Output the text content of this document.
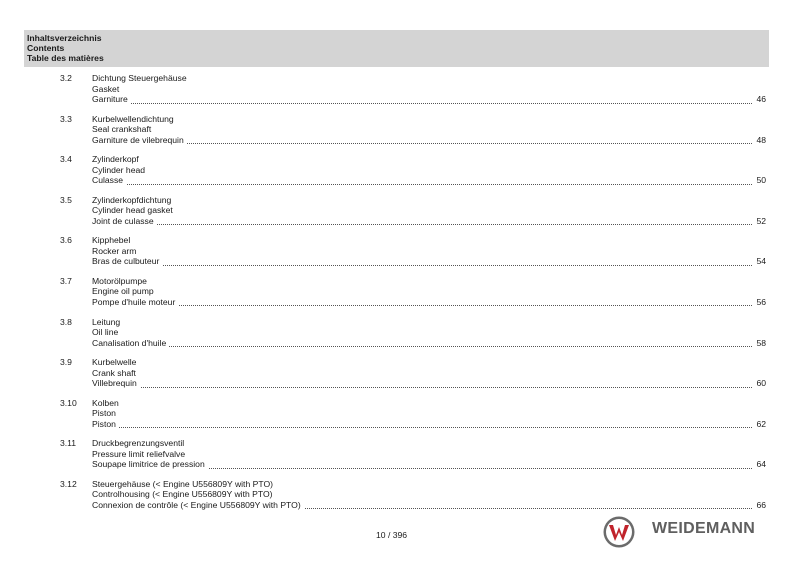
Inhaltsverzeichnis
Contents
Table des matières
3.2 Dichtung Steuergehäuse
Gasket
Garniture	46
3.3 Kurbelwellendichtung
Seal crankshaft
Garniture de vilebrequin	48
3.4 Zylinderkopf
Cylinder head
Culasse	50
3.5 Zylinderkopfdichtung
Cylinder head gasket
Joint de culasse	52
3.6 Kipphebel
Rocker arm
Bras de culbuteur	54
3.7 Motorölpumpe
Engine oil pump
Pompe d'huile moteur	56
3.8 Leitung
Oil line
Canalisation d'huile	58
3.9 Kurbelwelle
Crank shaft
Villebrequin	60
3.10 Kolben
Piston
Piston	62
3.11 Druckbegrenzungsventil
Pressure limit reliefvalve
Soupape limitrice de pression	64
3.12 Steuergehäuse (< Engine U556809Y with PTO)
Controlhousing (< Engine U556809Y with PTO)
Connexion de contrôle (< Engine U556809Y with PTO)	66
10 / 396	WEIDEMANN
